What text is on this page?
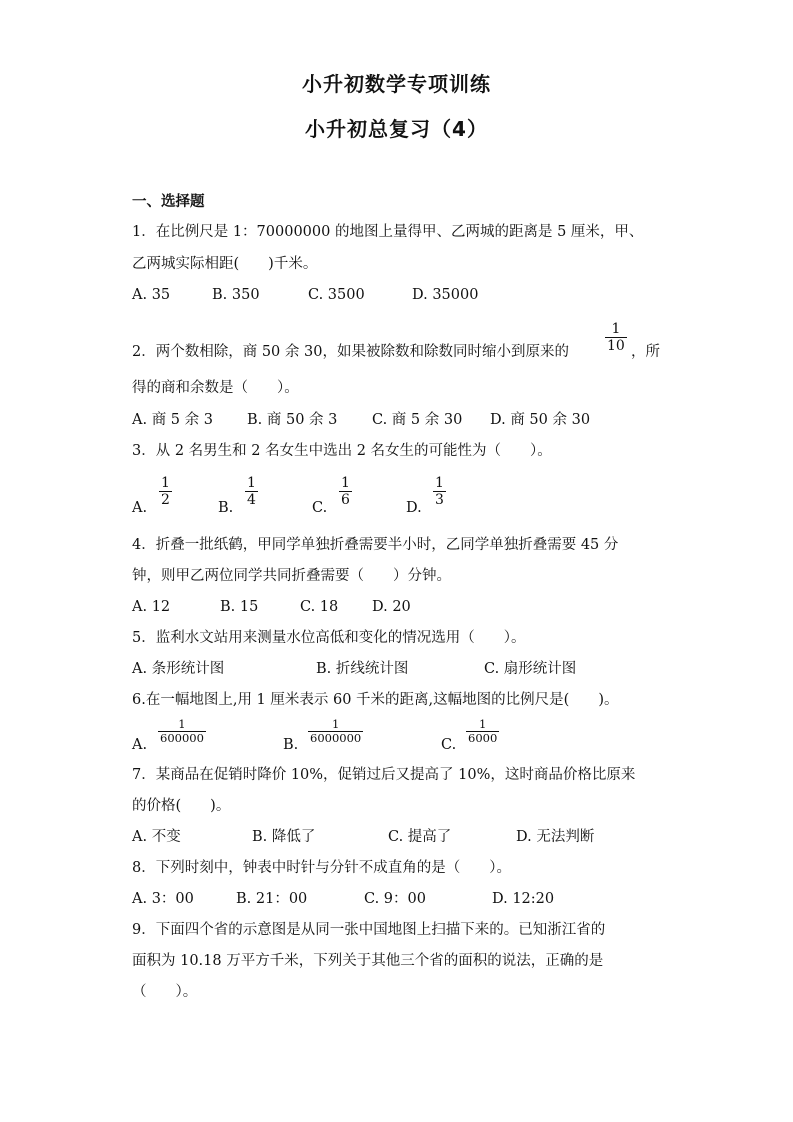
小升初数学专项训练
小升初总复习（4）
一、选择题
1．在比例尺是 1：70000000 的地图上量得甲、乙两城的距离是 5 厘米，甲、
乙两城实际相距(　　)千米。
A. 35	B. 350	C. 3500	D. 35000
2．两个数相除，商 50 余 30，如果被除数和除数同时缩小到原来的	$\frac{1}{10}$ ，所
得的商和余数是（　　）。
A. 商 5 余 3 B. 商 50 余 3 C. 商 5 余 30 D. 商 50 余 30
3．从 2 名男生和 2 名女生中选出 2 名女生的可能性为（　　）。
A. $\frac{1}{2}$	B. $\frac{1}{4}$	C. $\frac{1}{6}$	D. $\frac{1}{3}$
4．折叠一批纸鹤，甲同学单独折叠需要半小时，乙同学单独折叠需要 45 分
钟，则甲乙两位同学共同折叠需要（　　）分钟。
A. 12	B. 15	C. 18 D. 20
5．监利水文站用来测量水位高低和变化的情况选用（　　）。
A. 条形统计图	B. 折线统计图	C. 扇形统计图
6.在一幅地图上,用 1 厘米表示 60 千米的距离,这幅地图的比例尺是(　　)。
A. $\frac{1}{600000}$	B. $\frac{1}{6000000}$	C. $\frac{1}{6000}$
7．某商品在促销时降价 10%，促销过后又提高了 10%，这时商品价格比原来
的价格(　　)。
A. 不变	B. 降低了	C. 提高了	D. 无法判断
8．下列时刻中，钟表中时针与分针不成直角的是（　　）。
A. 3：00	B. 21：00	C. 9：00	D. 12:20
9．下面四个省的示意图是从同一张中国地图上扫描下来的。已知浙江省的
面积为 10.18 万平方千米，下列关于其他三个省的面积的说法，正确的是
（　　）。
